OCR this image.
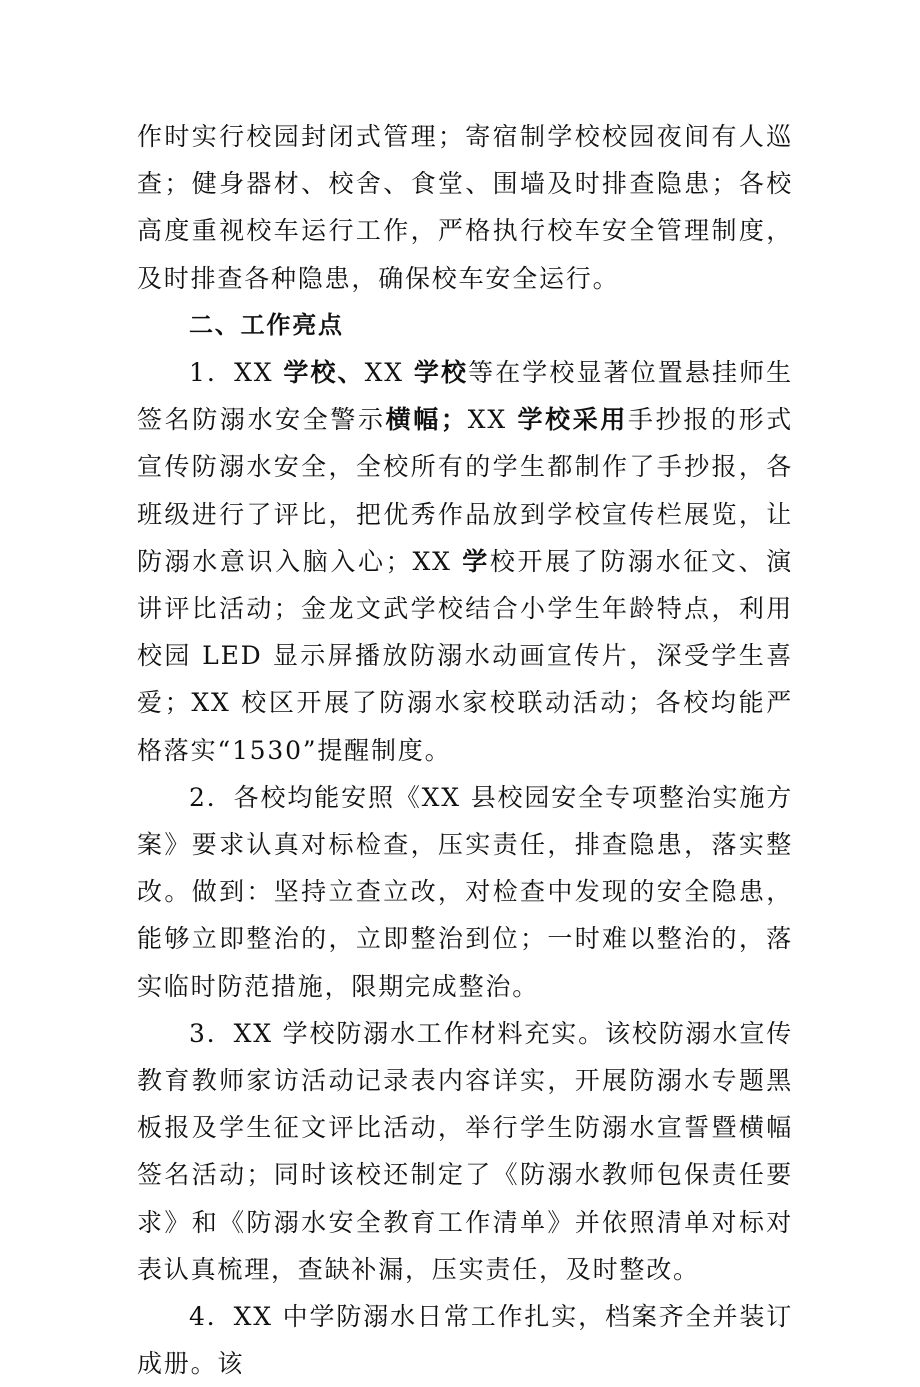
作时实行校园封闭式管理；寄宿制学校校园夜间有人巡查；健身器材、校舍、食堂、围墙及时排查隐患；各校高度重视校车运行工作，严格执行校车安全管理制度，及时排查各种隐患，确保校车安全运行。

二、工作亮点

1．XX 学校、XX 学校等在学校显著位置悬挂师生签名防溺水安全警示横幅；XX 学校采用手抄报的形式宣传防溺水安全，全校所有的学生都制作了手抄报，各班级进行了评比，把优秀作品放到学校宣传栏展览，让防溺水意识入脑入心；XX 学校开展了防溺水征文、演讲评比活动；金龙文武学校结合小学生年龄特点，利用校园 LED 显示屏播放防溺水动画宣传片，深受学生喜爱；XX 校区开展了防溺水家校联动活动；各校均能严格落实“1530”提醒制度。

2．各校均能安照《XX 县校园安全专项整治实施方案》要求认真对标检查，压实责任，排查隐患，落实整改。做到：坚持立查立改，对检查中发现的安全隐患，能够立即整治的，立即整治到位；一时难以整治的，落实临时防范措施，限期完成整治。

3．XX 学校防溺水工作材料充实。该校防溺水宣传教育教师家访活动记录表内容详实，开展防溺水专题黑板报及学生征文评比活动，举行学生防溺水宣誓暨横幅签名活动；同时该校还制定了《防溺水教师包保责任要求》和《防溺水安全教育工作清单》并依照清单对标对表认真梳理，查缺补漏，压实责任，及时整改。

4．XX 中学防溺水日常工作扎实，档案齐全并装订成册。该
